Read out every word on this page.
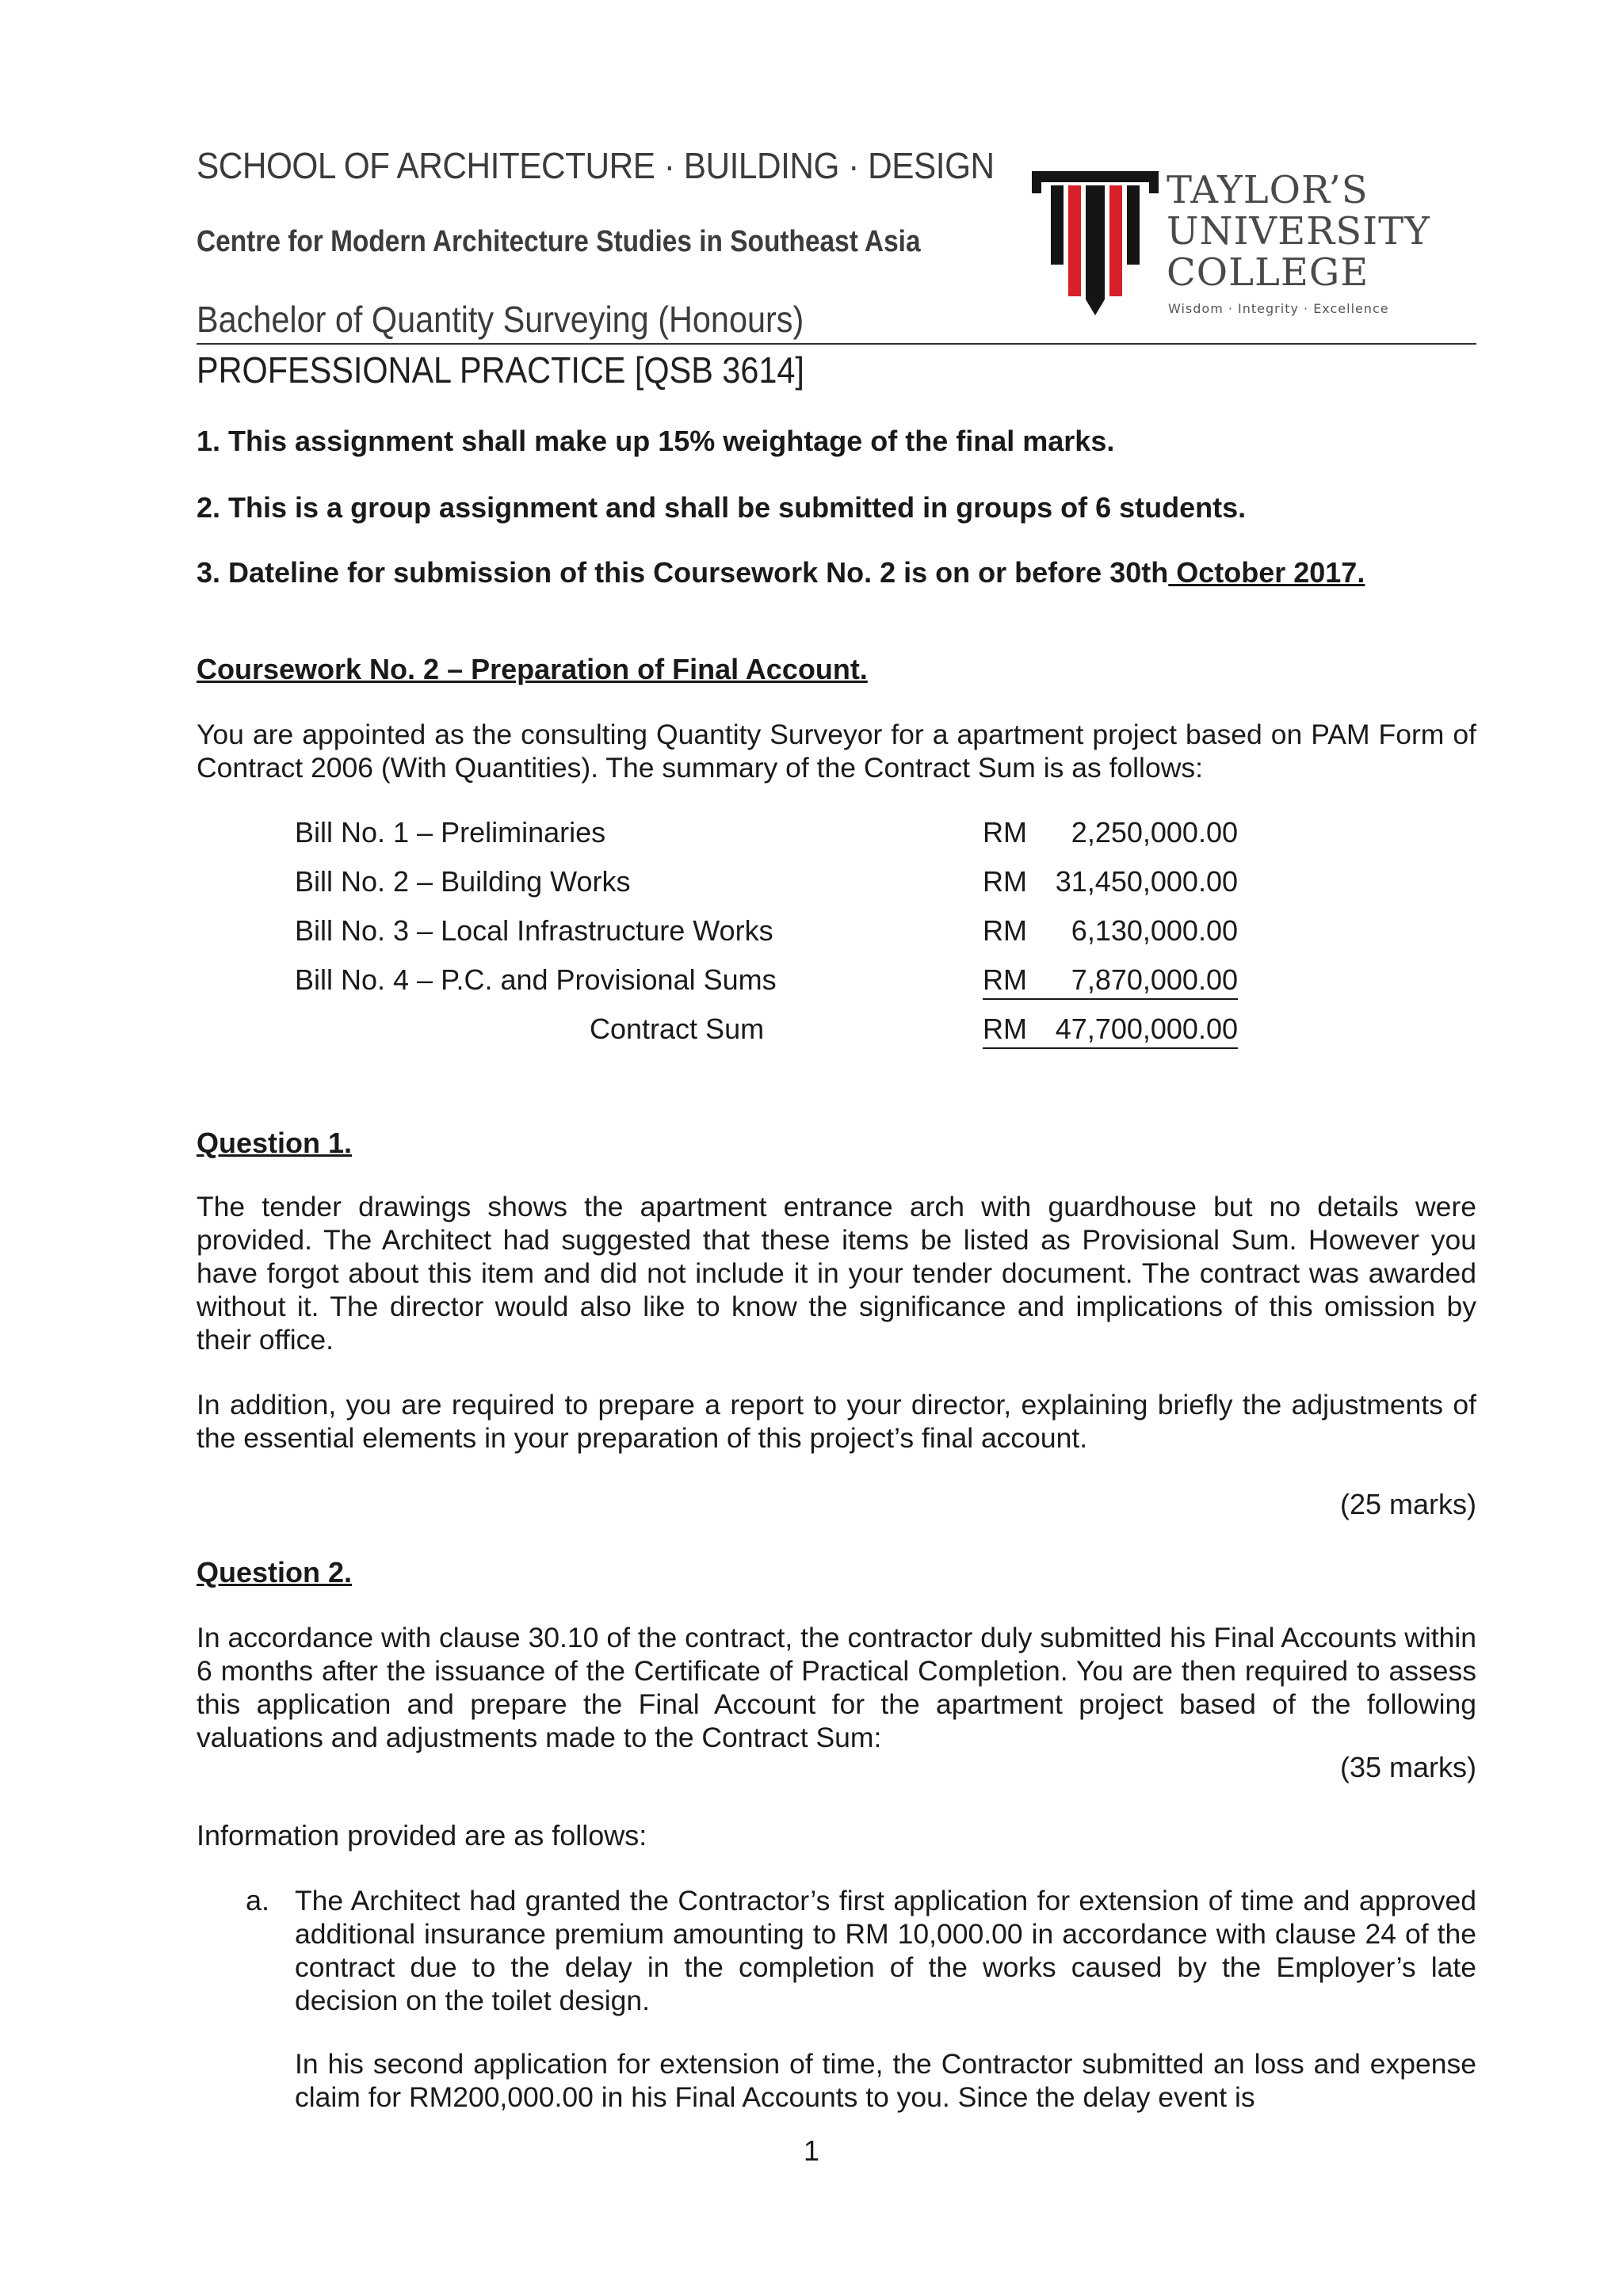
SCHOOL OF ARCHITECTURE · BUILDING · DESIGN
Centre for Modern Architecture Studies in Southeast Asia
Bachelor of Quantity Surveying (Honours)
PROFESSIONAL PRACTICE [QSB 3614]
TAYLOR’S
UNIVERSITY
COLLEGE
Wisdom · Integrity · Excellence
1. This assignment shall make up 15% weightage of the final marks.
2. This is a group assignment and shall be submitted in groups of 6 students.
3. Dateline for submission of this Coursework No. 2 is on or before 30th October 2017.
Coursework No. 2 – Preparation of Final Account.

You are appointed as the consulting Quantity Surveyor for a apartment project based on PAM Form of Contract 2006 (With Quantities). The summary of the Contract Sum is as follows:

Bill No. 1 – Preliminaries	RM	2,250,000.00
Bill No. 2 – Building Works	RM 31,450,000.00
Bill No. 3 – Local Infrastructure Works	RM	6,130,000.00
Bill No. 4 – P.C. and Provisional Sums	RM	7,870,000.00
Contract Sum	RM 47,700,000.00
Question 1.

The tender drawings shows the apartment entrance arch with guardhouse but no details were provided. The Architect had suggested that these items be listed as Provisional Sum. However you have forgot about this item and did not include it in your tender document. The contract was awarded without it. The director would also like to know the significance and implications of this omission by their office.

In addition, you are required to prepare a report to your director, explaining briefly the adjustments of the essential elements in your preparation of this project’s final account.

(25 marks)
Question 2.

In accordance with clause 30.10 of the contract, the contractor duly submitted his Final Accounts within 6 months after the issuance of the Certificate of Practical Completion. You are then required to assess this application and prepare the Final Account for the apartment project based of the following valuations and adjustments made to the Contract Sum:

(35 marks)
Information provided are as follows:
a. The Architect had granted the Contractor’s first application for extension of time and approved additional insurance premium amounting to RM 10,000.00 in accordance with clause 24 of the contract due to the delay in the completion of the works caused by the Employer’s late decision on the toilet design.

In his second application for extension of time, the Contractor submitted an loss and expense claim for RM200,000.00 in his Final Accounts to you. Since the delay event is

1
